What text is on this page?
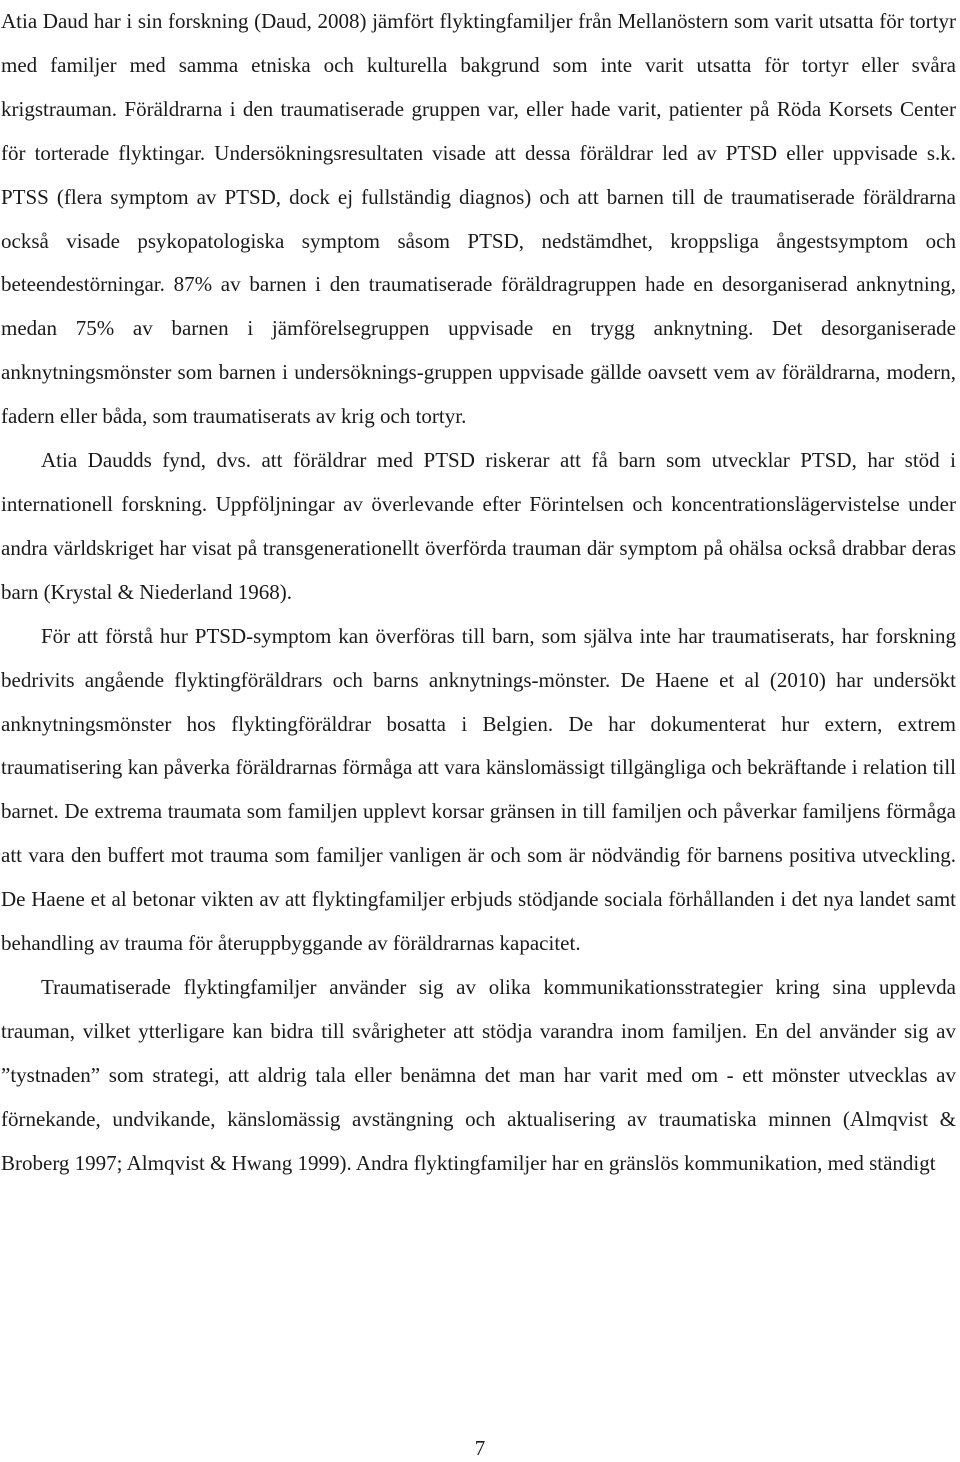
Atia Daud har i sin forskning (Daud, 2008) jämfört flyktingfamiljer från Mellanöstern som varit utsatta för tortyr med familjer med samma etniska och kulturella bakgrund som inte varit utsatta för tortyr eller svåra krigstrauman. Föräldrarna i den traumatiserade gruppen var, eller hade varit, patienter på Röda Korsets Center för torterade flyktingar. Undersökningsresultaten visade att dessa föräldrar led av PTSD eller uppvisade s.k. PTSS (flera symptom av PTSD, dock ej fullständig diagnos) och att barnen till de traumatiserade föräldrarna också visade psykopatologiska symptom såsom PTSD, nedstämdhet, kroppsliga ångestsymptom och beteendestörningar. 87% av barnen i den traumatiserade föräldragruppen hade en desorganiserad anknytning, medan 75% av barnen i jämförelsegruppen uppvisade en trygg anknytning. Det desorganiserade anknytningsmönster som barnen i undersöknings-gruppen uppvisade gällde oavsett vem av föräldrarna, modern, fadern eller båda, som traumatiserats av krig och tortyr.

Atia Daudds fynd, dvs. att föräldrar med PTSD riskerar att få barn som utvecklar PTSD, har stöd i internationell forskning. Uppföljningar av överlevande efter Förintelsen och koncentrationslägervistelse under andra världskriget har visat på transgenerationellt överförda trauman där symptom på ohälsa också drabbar deras barn (Krystal & Niederland 1968).

För att förstå hur PTSD-symptom kan överföras till barn, som själva inte har traumatiserats, har forskning bedrivits angående flyktingföräldrars och barns anknytnings-mönster. De Haene et al (2010) har undersökt anknytningsmönster hos flyktingföräldrar bosatta i Belgien. De har dokumenterat hur extern, extrem traumatisering kan påverka föräldrarnas förmåga att vara känslomässigt tillgängliga och bekräftande i relation till barnet. De extrema traumata som familjen upplevt korsar gränsen in till familjen och påverkar familjens förmåga att vara den buffert mot trauma som familjer vanligen är och som är nödvändig för barnens positiva utveckling. De Haene et al betonar vikten av att flyktingfamiljer erbjuds stödjande sociala förhållanden i det nya landet samt behandling av trauma för återuppbyggande av föräldrarnas kapacitet.

Traumatiserade flyktingfamiljer använder sig av olika kommunikationsstrategier kring sina upplevda trauman, vilket ytterligare kan bidra till svårigheter att stödja varandra inom familjen. En del använder sig av ”tystnaden” som strategi, att aldrig tala eller benämna det man har varit med om - ett mönster utvecklas av förnekande, undvikande, känslomässig avstängning och aktualisering av traumatiska minnen (Almqvist & Broberg 1997; Almqvist & Hwang 1999). Andra flyktingfamiljer har en gränslös kommunikation, med ständigt

7
